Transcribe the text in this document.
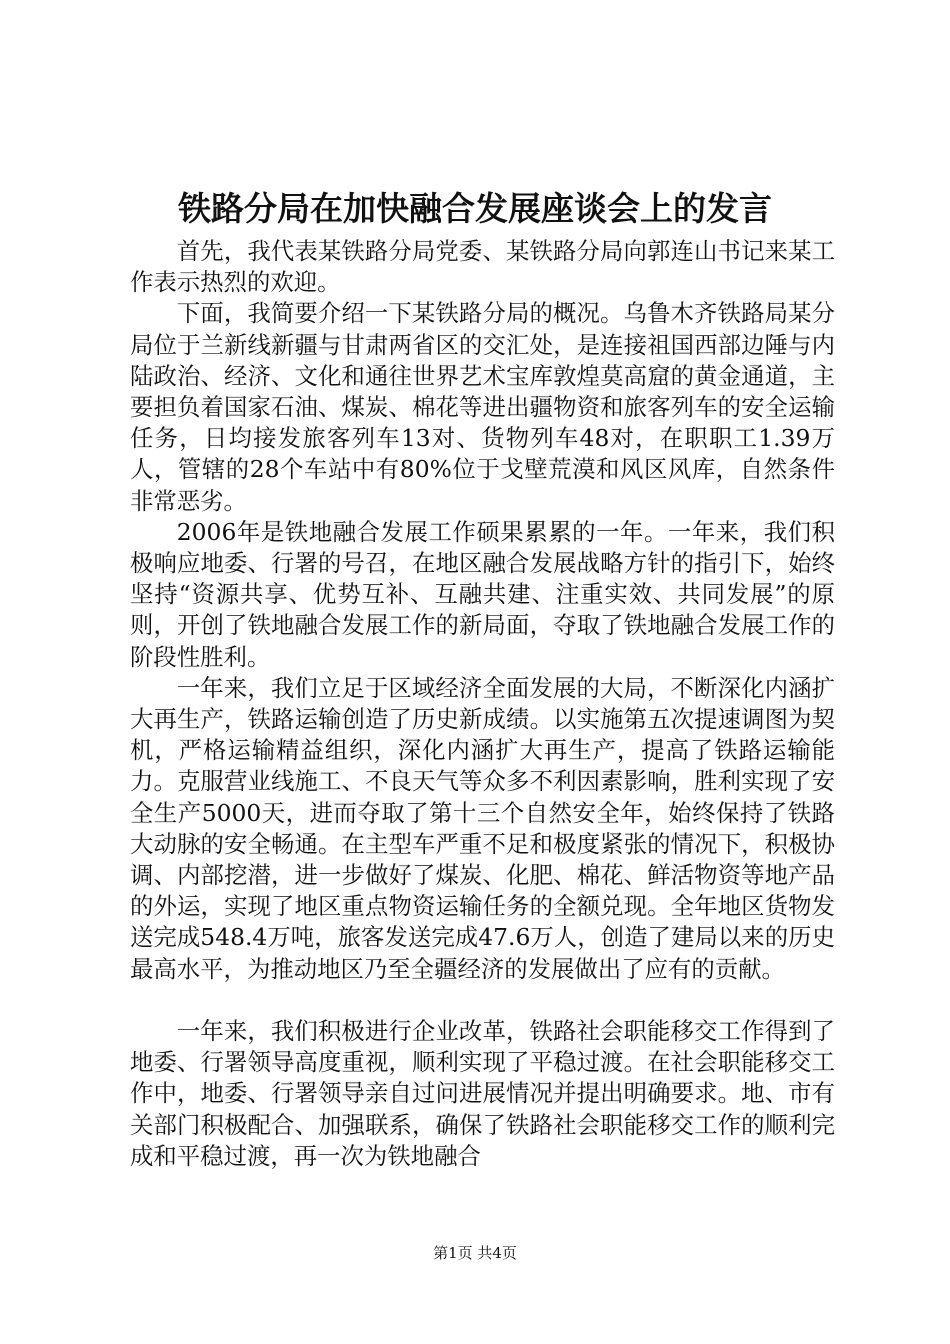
铁路分局在加快融合发展座谈会上的发言

首先，我代表某铁路分局党委、某铁路分局向郭连山书记来某工作表示热烈的欢迎。

下面，我简要介绍一下某铁路分局的概况。乌鲁木齐铁路局某分局位于兰新线新疆与甘肃两省区的交汇处，是连接祖国西部边陲与内陆政治、经济、文化和通往世界艺术宝库敦煌莫高窟的黄金通道，主要担负着国家石油、煤炭、棉花等进出疆物资和旅客列车的安全运输任务，日均接发旅客列车13对、货物列车48对，在职职工1.39万人，管辖的28个车站中有80%位于戈壁荒漠和风区风库，自然条件非常恶劣。

2006年是铁地融合发展工作硕果累累的一年。一年来，我们积极响应地委、行署的号召，在地区融合发展战略方针的指引下，始终坚持“资源共享、优势互补、互融共建、注重实效、共同发展”的原则，开创了铁地融合发展工作的新局面，夺取了铁地融合发展工作的阶段性胜利。

一年来，我们立足于区域经济全面发展的大局，不断深化内涵扩大再生产，铁路运输创造了历史新成绩。以实施第五次提速调图为契机，严格运输精益组织，深化内涵扩大再生产，提高了铁路运输能力。克服营业线施工、不良天气等众多不利因素影响，胜利实现了安全生产5000天，进而夺取了第十三个自然安全年，始终保持了铁路大动脉的安全畅通。在主型车严重不足和极度紧张的情况下，积极协调、内部挖潜，进一步做好了煤炭、化肥、棉花、鲜活物资等地产品的外运，实现了地区重点物资运输任务的全额兑现。全年地区货物发送完成548.4万吨，旅客发送完成47.6万人，创造了建局以来的历史最高水平，为推动地区乃至全疆经济的发展做出了应有的贡献。

一年来，我们积极进行企业改革，铁路社会职能移交工作得到了地委、行署领导高度重视，顺利实现了平稳过渡。在社会职能移交工作中，地委、行署领导亲自过问进展情况并提出明确要求。地、市有关部门积极配合、加强联系，确保了铁路社会职能移交工作的顺利完成和平稳过渡，再一次为铁地融合

第1页 共4页
